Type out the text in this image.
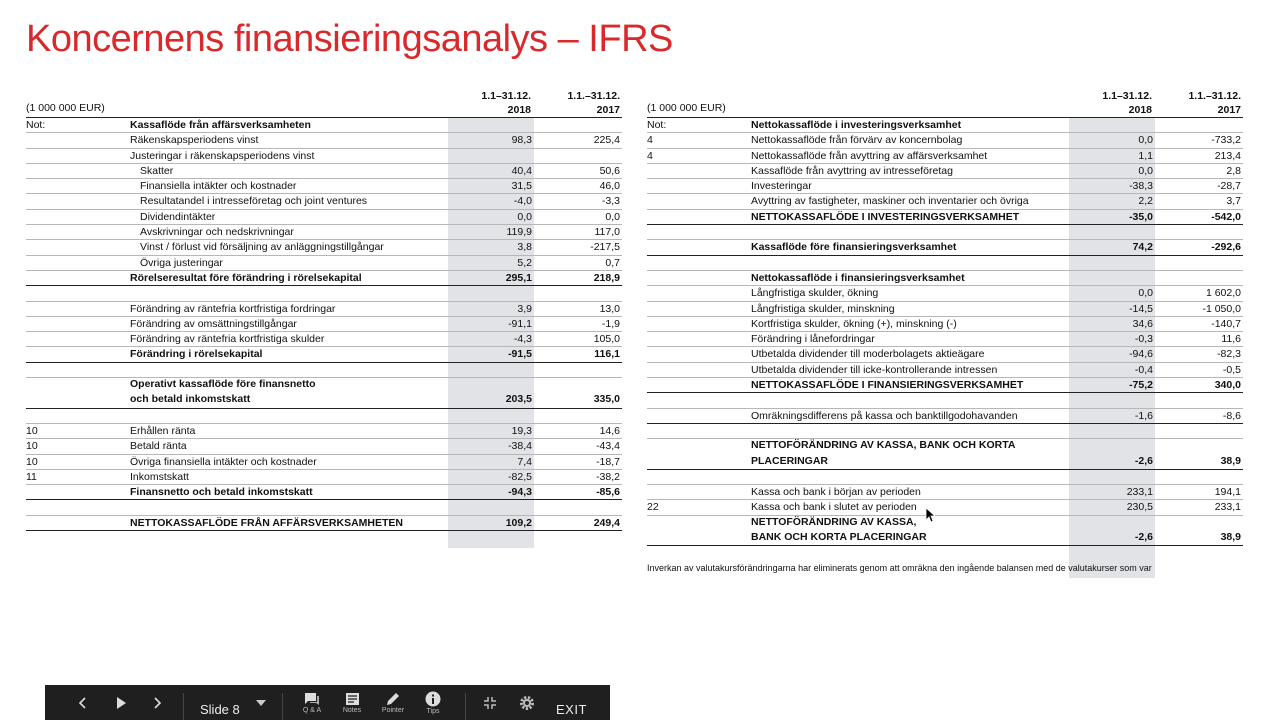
Koncernens finansieringsanalys – IFRS
(1 000 000 EUR)
1.1–31.12.
2018
1.1.–31.12.
2017
Not:	Kassaflöde från affärsverksamheten
Räkenskapsperiodens vinst	98,3	225,4
Justeringar i räkenskapsperiodens vinst
Skatter	40,4	50,6
Finansiella intäkter och kostnader	31,5	46,0
Resultatandel i intresseföretag och joint ventures	-4,0	-3,3
Dividendintäkter	0,0	0,0
Avskrivningar och nedskrivningar	119,9	117,0
Vinst / förlust vid försäljning av anläggningstillgångar	3,8	-217,5
Övriga justeringar	5,2	0,7
Rörelseresultat före förändring i rörelsekapital	295,1	218,9
Förändring av räntefria kortfristiga fordringar	3,9	13,0
Förändring av omsättningstillgångar	-91,1	-1,9
Förändring av räntefria kortfristiga skulder	-4,3	105,0
Förändring i rörelsekapital	-91,5	116,1
Operativt kassaflöde före finansnetto
och betald inkomstskatt	203,5	335,0
10	Erhållen ränta	19,3	14,6
10	Betald ränta	-38,4	-43,4
10	Övriga finansiella intäkter och kostnader	7,4	-18,7
11	Inkomstskatt	-82,5	-38,2
Finansnetto och betald inkomstskatt	-94,3	-85,6
NETTOKASSAFLÖDE FRÅN AFFÄRSVERKSAMHETEN	109,2	249,4
(1 000 000 EUR)
1.1–31.12.
2018
1.1.–31.12.
2017
Not:	Nettokassaflöde i investeringsverksamhet
4	Nettokassaflöde från förvärv av koncernbolag	0,0	-733,2
4	Nettokassaflöde från avyttring av affärsverksamhet	1,1	213,4
Kassaflöde från avyttring av intresseföretag	0,0	2,8
Investeringar	-38,3	-28,7
Avyttring av fastigheter, maskiner och inventarier och övriga	2,2	3,7
NETTOKASSAFLÖDE I INVESTERINGSVERKSAMHET	-35,0	-542,0
Kassaflöde före finansieringsverksamhet	74,2	-292,6
Nettokassaflöde i finansieringsverksamhet
Långfristiga skulder, ökning	0,0	1 602,0
Långfristiga skulder, minskning	-14,5	-1 050,0
Kortfristiga skulder, ökning (+), minskning (-)	34,6	-140,7
Förändring i lånefordringar	-0,3	11,6
Utbetalda dividender till moderbolagets aktieägare	-94,6	-82,3
Utbetalda dividender till icke-kontrollerande intressen	-0,4	-0,5
NETTOKASSAFLÖDE I FINANSIERINGSVERKSAMHET	-75,2	340,0
Omräkningsdifferens på kassa och banktillgodohavanden	-1,6	-8,6
NETTOFÖRÄNDRING AV KASSA, BANK OCH KORTA
PLACERINGAR	-2,6	38,9
Kassa och bank i början av perioden	233,1	194,1
22	Kassa och bank i slutet av perioden	230,5	233,1
NETTOFÖRÄNDRING AV KASSA,
BANK OCH KORTA PLACERINGAR	-2,6	38,9
Inverkan av valutakursförändringarna har eliminerats genom att omräkna den ingående balansen med de valutakurser som var
Slide 8	Q & A	Notes	Pointer	Tips	EXIT
